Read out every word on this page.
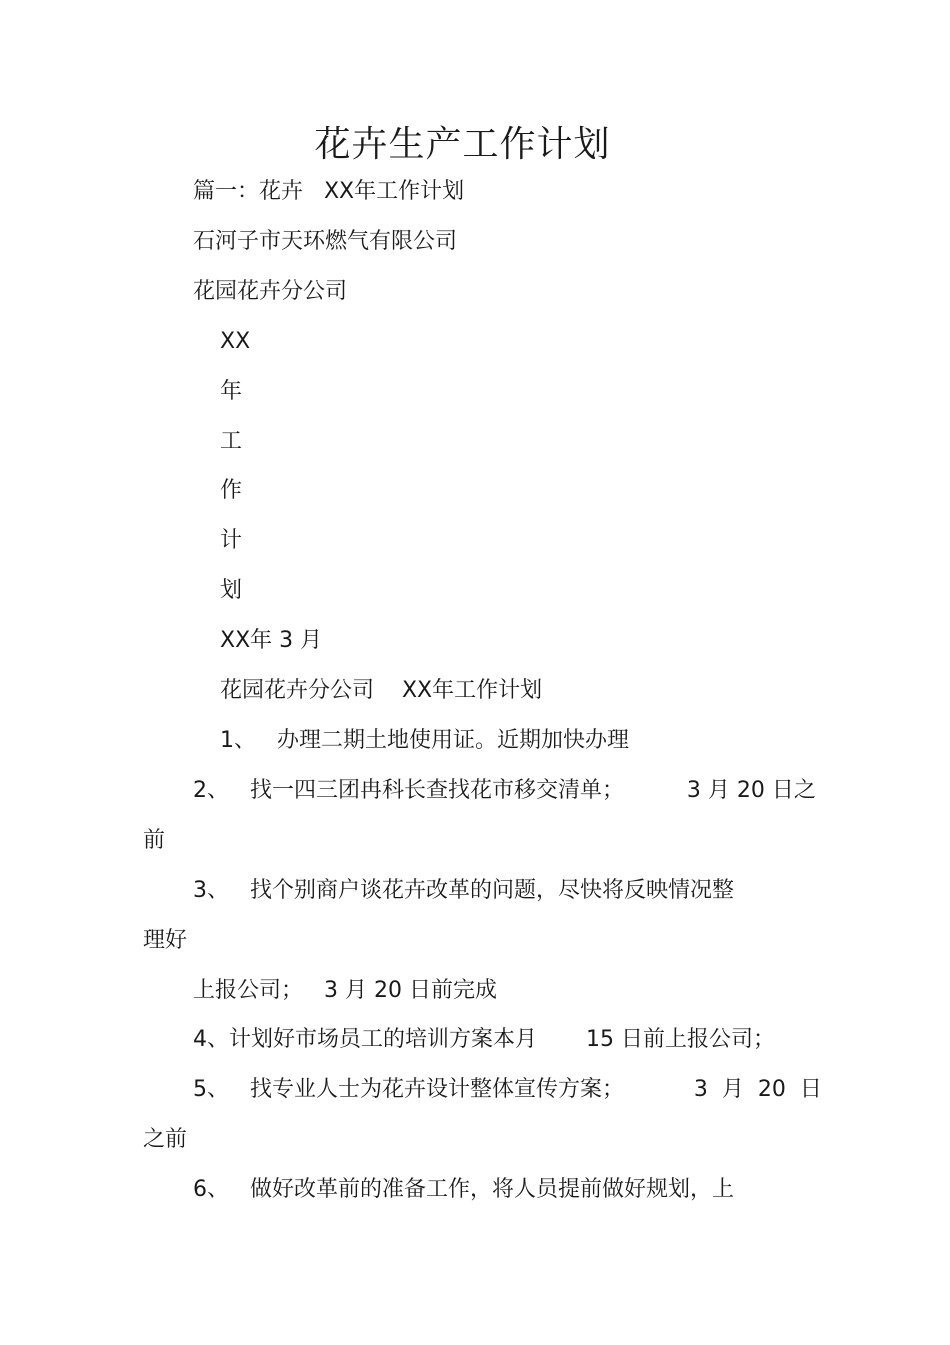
花卉生产工作计划
篇一：花卉   XX年工作计划
石河子市天环燃气有限公司
花园花卉分公司
XX
年
工
作
计
划
XX年 3 月
花园花卉分公司    XX年工作计划
1、   办理二期土地使用证。近期加快办理
2、   找一四三团冉科长查找花市移交清单；         3 月 20 日之
前
3、   找个别商户谈花卉改革的问题，尽快将反映情况整
理好
上报公司；   3 月 20 日前完成
4、计划好市场员工的培训方案本月       15 日前上报公司；
5、   找专业人士为花卉设计整体宣传方案；          3  月  20  日
之前
6、   做好改革前的准备工作，将人员提前做好规划，上
